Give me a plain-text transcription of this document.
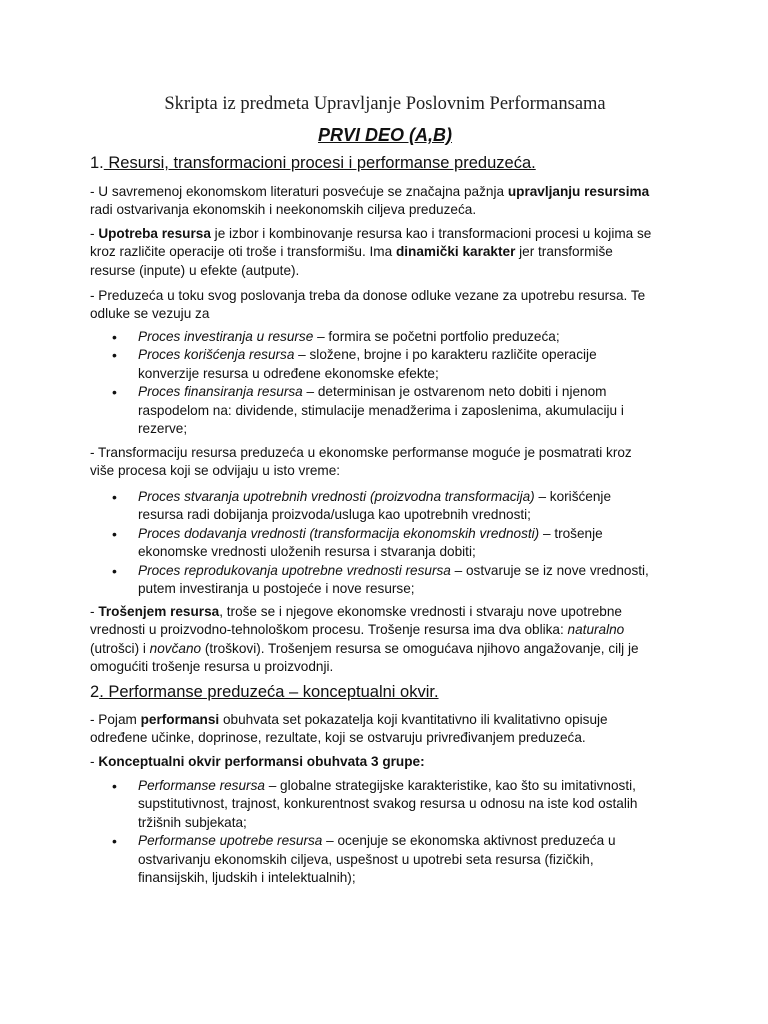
Skripta iz predmeta Upravljanje Poslovnim Performansama
PRVI DEO (A,B)
1. Resursi, transformacioni procesi i performanse preduzeća.
- U savremenoj ekonomskom literaturi posvećuje se značajna pažnja upravljanju resursima radi ostvarivanja ekonomskih i neekonomskih ciljeva preduzeća.
- Upotreba resursa je izbor i kombinovanje resursa kao i transformacioni procesi u kojima se kroz različite operacije oti troše i transformišu. Ima dinamički karakter jer transformiše resurse (inpute) u efekte (autpute).
- Preduzeća u toku svog poslovanja treba da donose odluke vezane za upotrebu resursa. Te odluke se vezuju za
• Proces investiranja u resurse – formira se početni portfolio preduzeća;
• Proces korišćenja resursa – složene, brojne i po karakteru različite operacije konverzije resursa u određene ekonomske efekte;
• Proces finansiranja resursa – determinisan je ostvarenom neto dobiti i njenom raspodelom na: dividende, stimulacije menadžerima i zaposlenima, akumulaciju i rezerve;
- Transformaciju resursa preduzeća u ekonomske performanse moguće je posmatrati kroz više procesa koji se odvijaju u isto vreme:
• Proces stvaranja upotrebnih vrednosti (proizvodna transformacija) – korišćenje resursa radi dobijanja proizvoda/usluga kao upotrebnih vrednosti;
• Proces dodavanja vrednosti (transformacija ekonomskih vrednosti) – trošenje ekonomske vrednosti uloženih resursa i stvaranja dobiti;
• Proces reprodukovanja upotrebne vrednosti resursa – ostvaruje se iz nove vrednosti, putem investiranja u postojeće i nove resurse;
- Trošenjem resursa, troše se i njegove ekonomske vrednosti i stvaraju nove upotrebne vrednosti u proizvodno-tehnološkom procesu. Trošenje resursa ima dva oblika: naturalno (utrošci) i novčano (troškovi). Trošenjem resursa se omogućava njihovo angažovanje, cilj je omogućiti trošenje resursa u proizvodnji.
2. Performanse preduzeća – konceptualni okvir.
- Pojam performansi obuhvata set pokazatelja koji kvantitativno ili kvalitativno opisuje određene učinke, doprinose, rezultate, koji se ostvaruju privređivanjem preduzeća.
- Konceptualni okvir performansi obuhvata 3 grupe:
• Performanse resursa – globalne strategijske karakteristike, kao što su imitativnosti, supstitutivnost, trajnost, konkurentnost svakog resursa u odnosu na iste kod ostalih tržišnih subjekata;
• Performanse upotrebe resursa – ocenjuje se ekonomska aktivnost preduzeća u ostvarivanju ekonomskih ciljeva, uspešnost u upotrebi seta resursa (fizičkih, finansijskih, ljudskih i intelektualnih);
